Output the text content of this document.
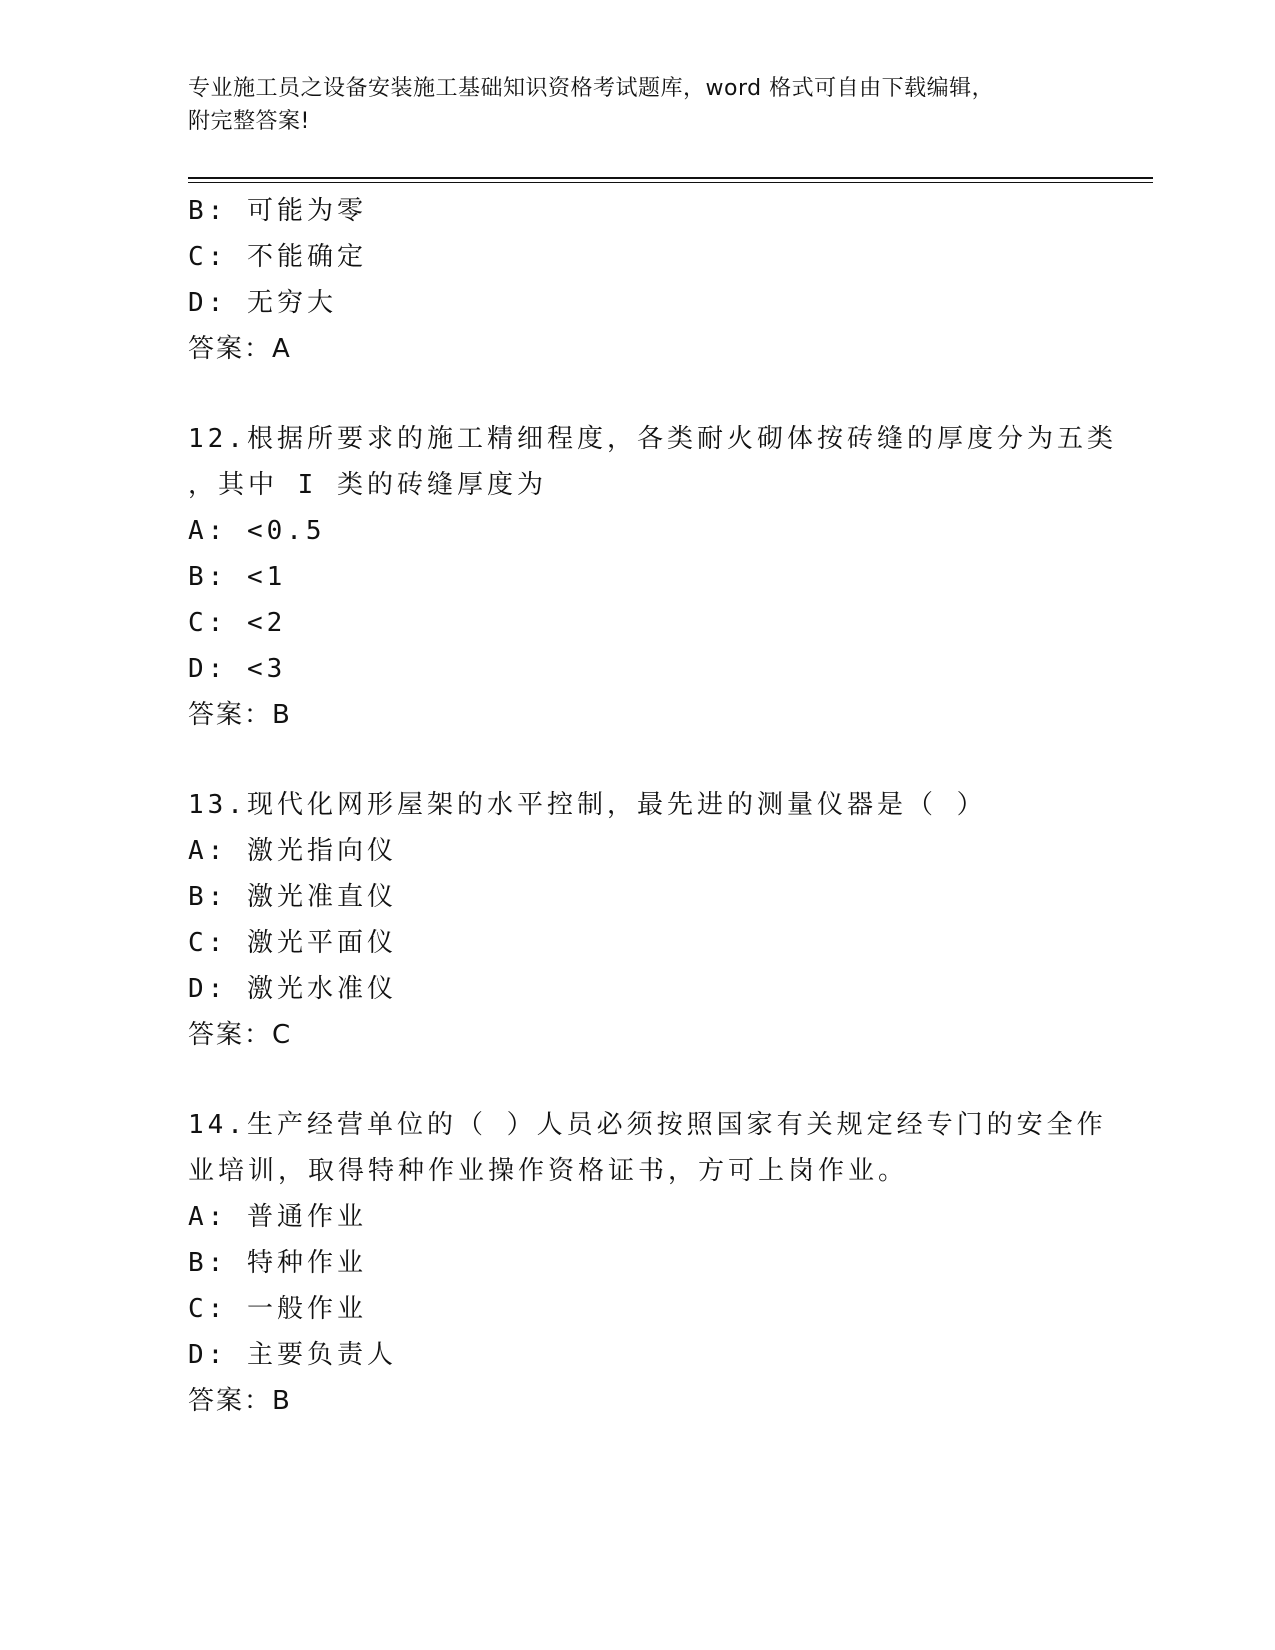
专业施工员之设备安装施工基础知识资格考试题库，word 格式可自由下载编辑，
附完整答案!
B: 可能为零
C: 不能确定
D: 无穷大
答案：A
12.根据所要求的施工精细程度，各类耐火砌体按砖缝的厚度分为五类
，其中 I 类的砖缝厚度为
A: <0.5
B: <1
C: <2
D: <3
答案：B
13.现代化网形屋架的水平控制，最先进的测量仪器是（ ）
A: 激光指向仪
B: 激光准直仪
C: 激光平面仪
D: 激光水准仪
答案：C
14.生产经营单位的（ ）人员必须按照国家有关规定经专门的安全作
业培训，取得特种作业操作资格证书，方可上岗作业。
A: 普通作业
B: 特种作业
C: 一般作业
D: 主要负责人
答案：B
